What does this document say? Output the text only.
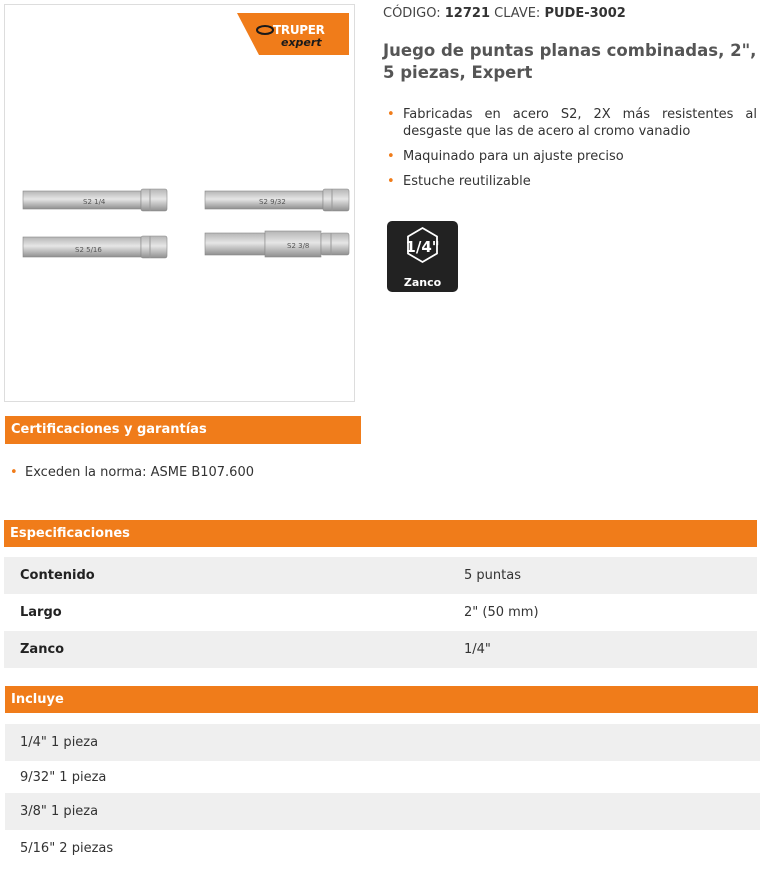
TRUPER
expert
S2 1/4	S2 9/32
S2 5/16	S2 3/8
CÓDIGO: 12721 CLAVE: PUDE-3002
Juego de puntas planas combinadas, 2", 5 piezas, Expert
• Fabricadas en acero S2, 2X más resistentes al desgaste que las de acero al cromo vanadio
• Maquinado para un ajuste preciso
• Estuche reutilizable
1/4"
Zanco
Certificaciones y garantías
• Exceden la norma: ASME B107.600
Especificaciones
Contenido	5 puntas
Largo	2" (50 mm)
Zanco	1/4"
Incluye
1/4" 1 pieza
9/32" 1 pieza
3/8" 1 pieza
5/16" 2 piezas
